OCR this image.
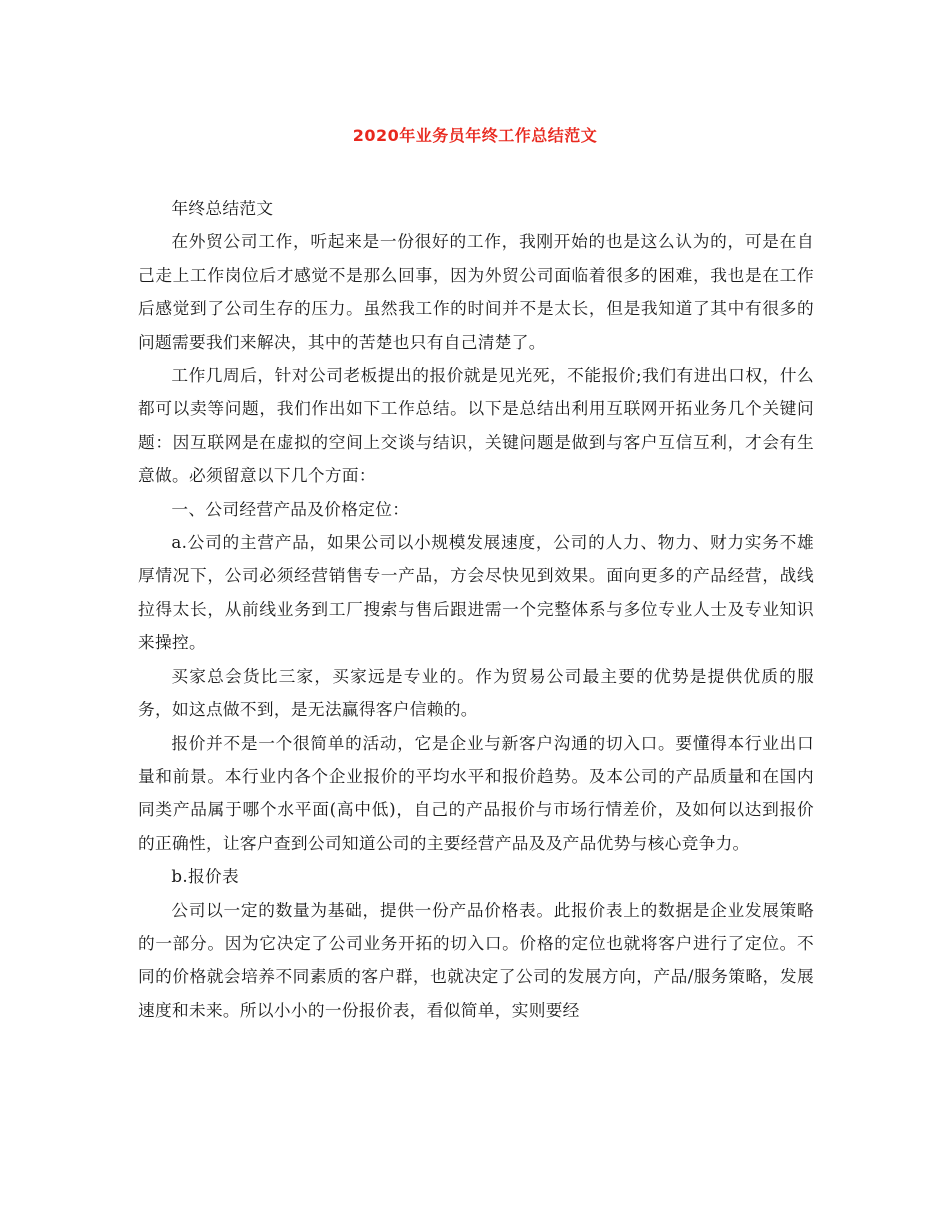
2020年业务员年终工作总结范文

年终总结范文

在外贸公司工作，听起来是一份很好的工作，我刚开始的也是这么认为的，可是在自己走上工作岗位后才感觉不是那么回事，因为外贸公司面临着很多的困难，我也是在工作后感觉到了公司生存的压力。虽然我工作的时间并不是太长，但是我知道了其中有很多的问题需要我们来解决，其中的苦楚也只有自己清楚了。

工作几周后，针对公司老板提出的报价就是见光死，不能报价;我们有进出口权，什么都可以卖等问题，我们作出如下工作总结。以下是总结出利用互联网开拓业务几个关键问题：因互联网是在虚拟的空间上交谈与结识，关键问题是做到与客户互信互利，才会有生意做。必须留意以下几个方面：

一、公司经营产品及价格定位：

a.公司的主营产品，如果公司以小规模发展速度，公司的人力、物力、财力实务不雄厚情况下，公司必须经营销售专一产品，方会尽快见到效果。面向更多的产品经营，战线拉得太长，从前线业务到工厂搜索与售后跟进需一个完整体系与多位专业人士及专业知识来操控。

买家总会货比三家，买家远是专业的。作为贸易公司最主要的优势是提供优质的服务，如这点做不到，是无法赢得客户信赖的。

报价并不是一个很简单的活动，它是企业与新客户沟通的切入口。要懂得本行业出口量和前景。本行业内各个企业报价的平均水平和报价趋势。及本公司的产品质量和在国内同类产品属于哪个水平面(高中低)，自己的产品报价与市场行情差价，及如何以达到报价的正确性，让客户查到公司知道公司的主要经营产品及及产品优势与核心竞争力。

b.报价表

公司以一定的数量为基础，提供一份产品价格表。此报价表上的数据是企业发展策略的一部分。因为它决定了公司业务开拓的切入口。价格的定位也就将客户进行了定位。不同的价格就会培养不同素质的客户群，也就决定了公司的发展方向，产品/服务策略，发展速度和未来。所以小小的一份报价表，看似简单，实则要经
